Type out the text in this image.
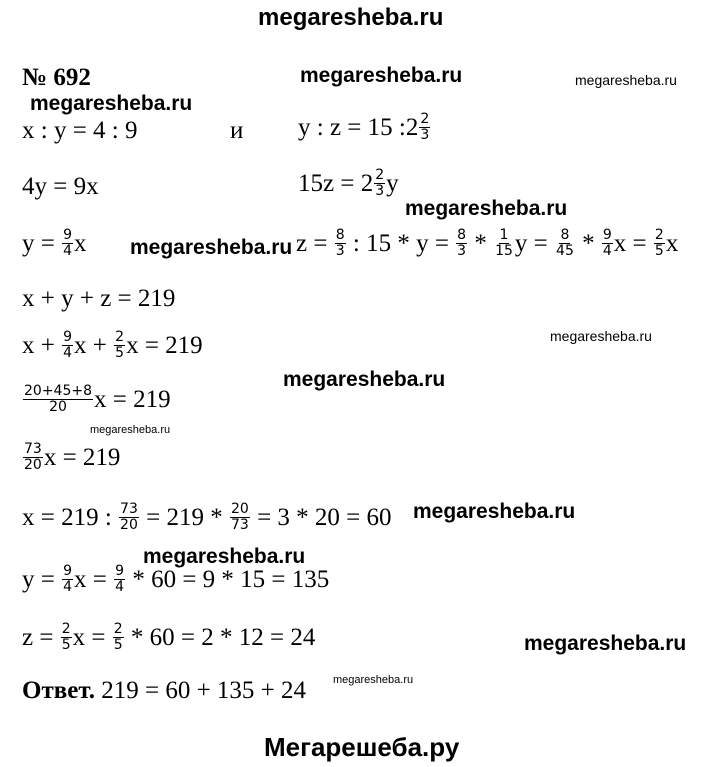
megaresheba.ru
Мегарешеба.ру
megaresheba.ru	megaresheba.ru
megaresheba.ru
megaresheba.ru
megaresheba.ru
megaresheba.ru
megaresheba.ru
megaresheba.ru
megaresheba.ru
megaresheba.ru
megaresheba.ru
№ 692
x : y = 4 : 9	и y : z = 15 :2 $\frac{2}{3}$
4y = 9x	$15z = 2 \frac{2}{3}$ y
y =
$\frac{9}{4}$ x	z =
$\frac{8}{3}$
: 15 * y =
$\frac{8}{3}$
*
$\frac{1}{15}$ y =
$\frac{8}{45}$
*
$\frac{9}{4}$ x =
$\frac{2}{5}$ x
x + y + z = 219
x +
$\frac{9}{4}$ x +
$\frac{2}{5}$ x = 219
$\frac{20+45+8}{20}$ x = 219
$\frac{73}{20}$ x = 219
x = 219 :
$\frac{73}{20}$
= 219 *
$\frac{20}{73}$
= 3 * 20 = 60
y =
$\frac{9}{4}$ x =
$\frac{9}{4}$
* 60 = 9 * 15 = 135
z =
$\frac{2}{5}$ x =
$\frac{2}{5}$
* 60 = 2 * 12 = 24
Ответ.
219 = 60 + 135 + 24 megaresheba.ru
